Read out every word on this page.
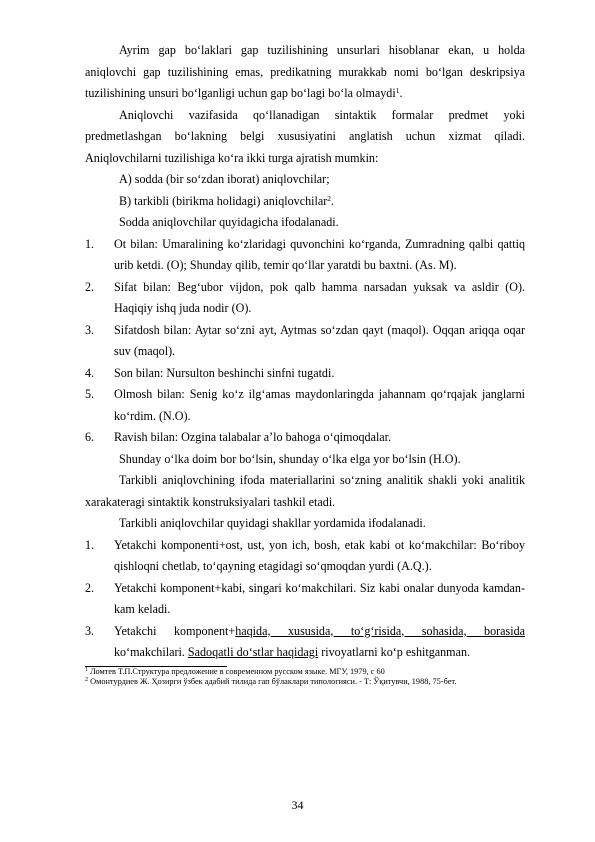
Ayrim gap bo‘laklari gap tuzilishining unsurlari hisoblanar ekan, u holda aniqlovchi gap tuzilishining emas, predikatning murakkab nomi bo‘lgan deskripsiya tuzilishining unsuri bo‘lganligi uchun gap bo‘lagi bo‘la olmaydi$^1$.

Aniqlovchi vazifasida qo‘llanadigan sintaktik formalar predmet yoki predmetlashgan bo‘lakning belgi xususiyatini anglatish uchun xizmat qiladi. Aniqlovchilarni tuzilishiga ko‘ra ikki turga ajratish mumkin:

A) sodda (bir so‘zdan iborat) aniqlovchilar;

B) tarkibli (birikma holidagi) aniqlovchilar$^2$.

Sodda aniqlovchilar quyidagicha ifodalanadi.

1.	Ot bilan: Umaralining ko‘zlaridagi quvonchini ko‘rganda, Zumradning qalbi qattiq urib ketdi. (O); Shunday qilib, temir qo‘llar yaratdi bu baxtni. (As. M).
2.	Sifat bilan: Beg‘ubor vijdon, pok qalb hamma narsadan yuksak va asldir (O). Haqiqiy ishq juda nodir (O).
3.	Sifatdosh bilan: Aytar so‘zni ayt, Aytmas so‘zdan qayt (maqol). Oqqan ariqqa oqar suv (maqol).
4.	Son bilan: Nursulton beshinchi sinfni tugatdi.
5.	Olmosh bilan: Senig ko‘z ilg‘amas maydonlaringda jahannam qo‘rqajak janglarni ko‘rdim. (N.O).
6.	Ravish bilan: Ozgina talabalar a’lo bahoga o‘qimoqdalar.

Shunday o‘lka doim bor bo‘lsin, shunday o‘lka elga yor bo‘lsin (H.O).

Tarkibli aniqlovchining ifoda materiallarini so‘zning analitik shakli yoki analitik xarakateragi sintaktik konstruksiyalari tashkil etadi.

Tarkibli aniqlovchilar quyidagi shakllar yordamida ifodalanadi.

1.	Yetakchi komponenti+ost, ust, yon ich, bosh, etak kabi ot ko‘makchilar: Bo‘riboy qishloqni chetlab, to‘qayning etagidagi so‘qmoqdan yurdi (A.Q.).
2.	Yetakchi komponent+kabi, singari ko‘makchilari. Siz kabi onalar dunyoda kamdan-kam keladi.
3.	Yetakchi komponent+haqida, xususida, to‘g‘risida, sohasida, borasida ko‘makchilari. Sadoqatli do‘stlar haqidagi rivoyatlarni ko‘p eshitganman.

$^1$ Ломтев Т.П.Структура предложение в современном русском языке. МГУ, 1979, с 60

$^2$ Омонтурдиев Ж. Ҳозирги ўзбек адабий тилида гап бўлаклари типологияси. - Т: Ўқитувчи, 1988, 75-бет.

34
